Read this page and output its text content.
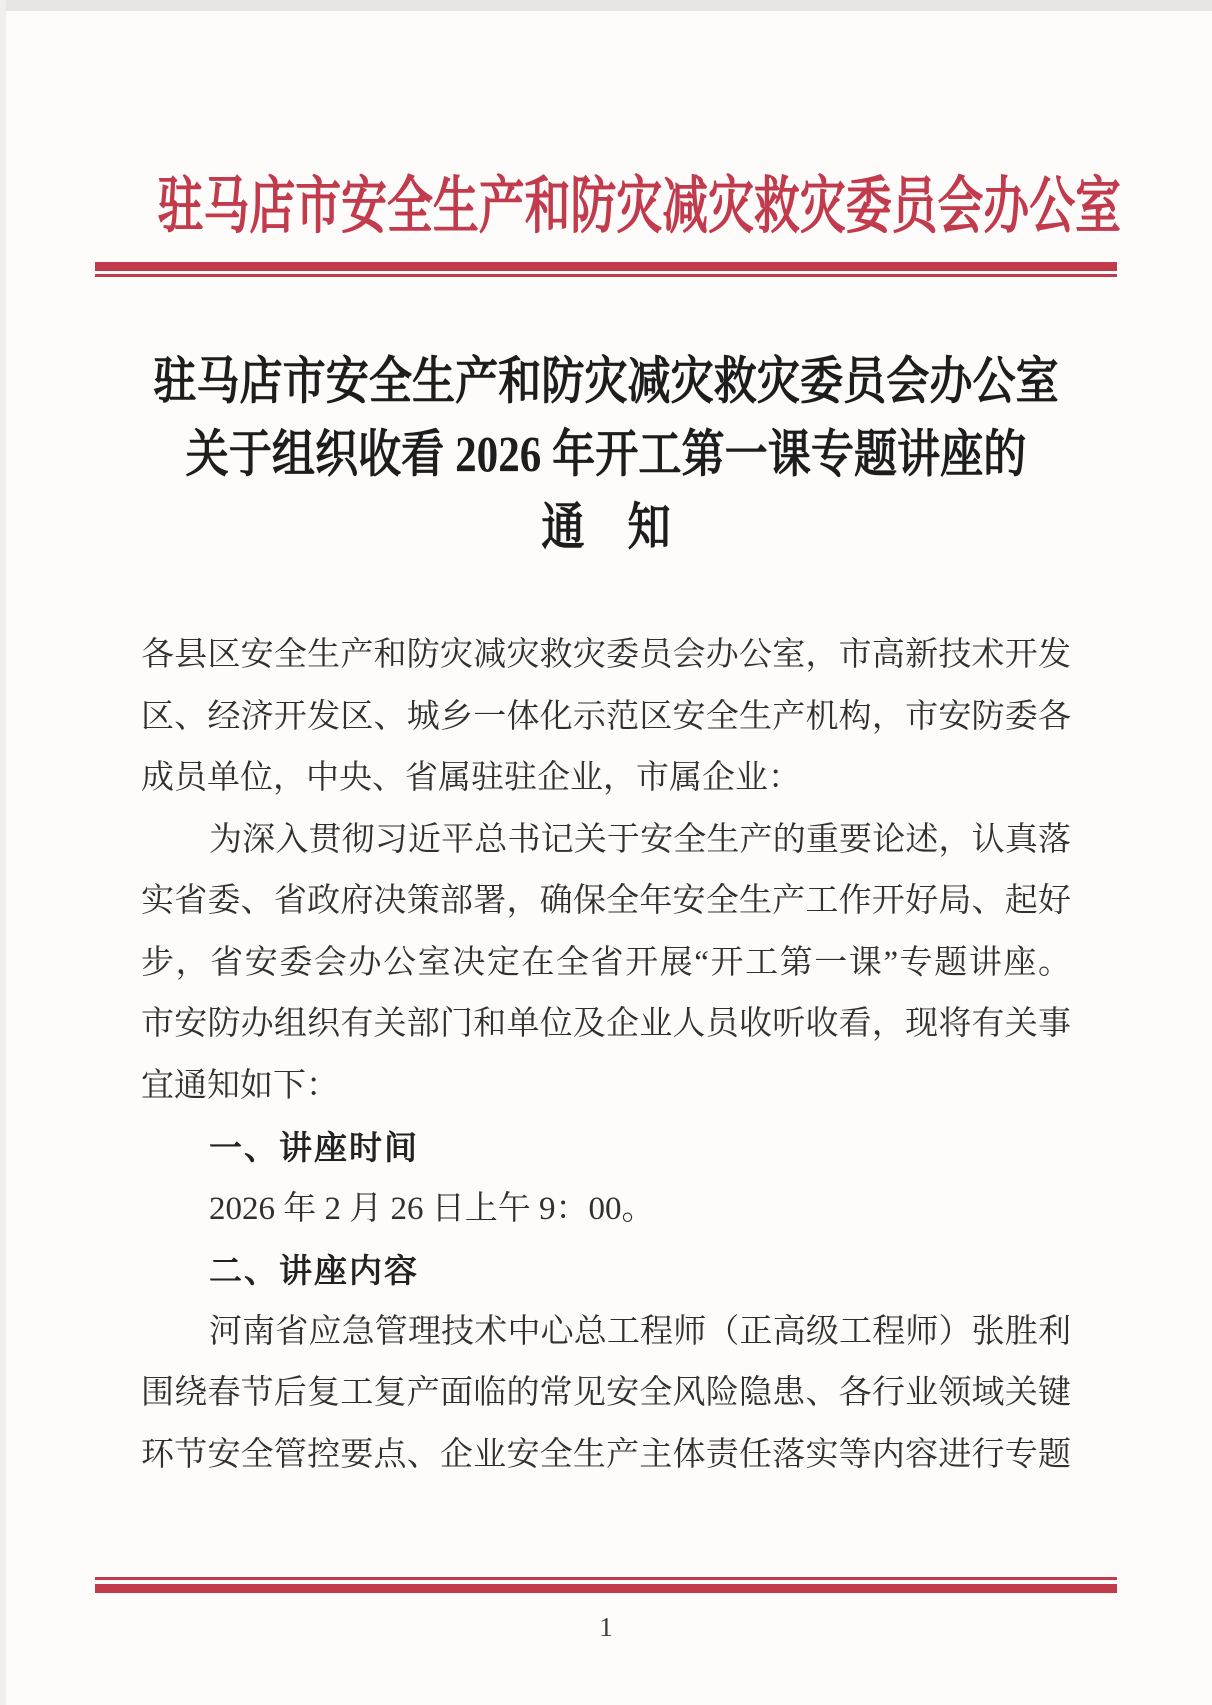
驻马店市安全生产和防灾减灾救灾委员会办公室
驻马店市安全生产和防灾减灾救灾委员会办公室
关于组织收看 2026 年开工第一课专题讲座的
通　知
各县区安全生产和防灾减灾救灾委员会办公室，市高新技术开发
区、经济开发区、城乡一体化示范区安全生产机构，市安防委各
成员单位，中央、省属驻驻企业，市属企业：
为深入贯彻习近平总书记关于安全生产的重要论述，认真落
实省委、省政府决策部署，确保全年安全生产工作开好局、起好
步，省安委会办公室决定在全省开展“开工第一课”专题讲座。
市安防办组织有关部门和单位及企业人员收听收看，现将有关事
宜通知如下：
一、讲座时间
2026 年 2 月 26 日上午 9：00。
二、讲座内容
河南省应急管理技术中心总工程师（正高级工程师）张胜利
围绕春节后复工复产面临的常见安全风险隐患、各行业领域关键
环节安全管控要点、企业安全生产主体责任落实等内容进行专题
1
